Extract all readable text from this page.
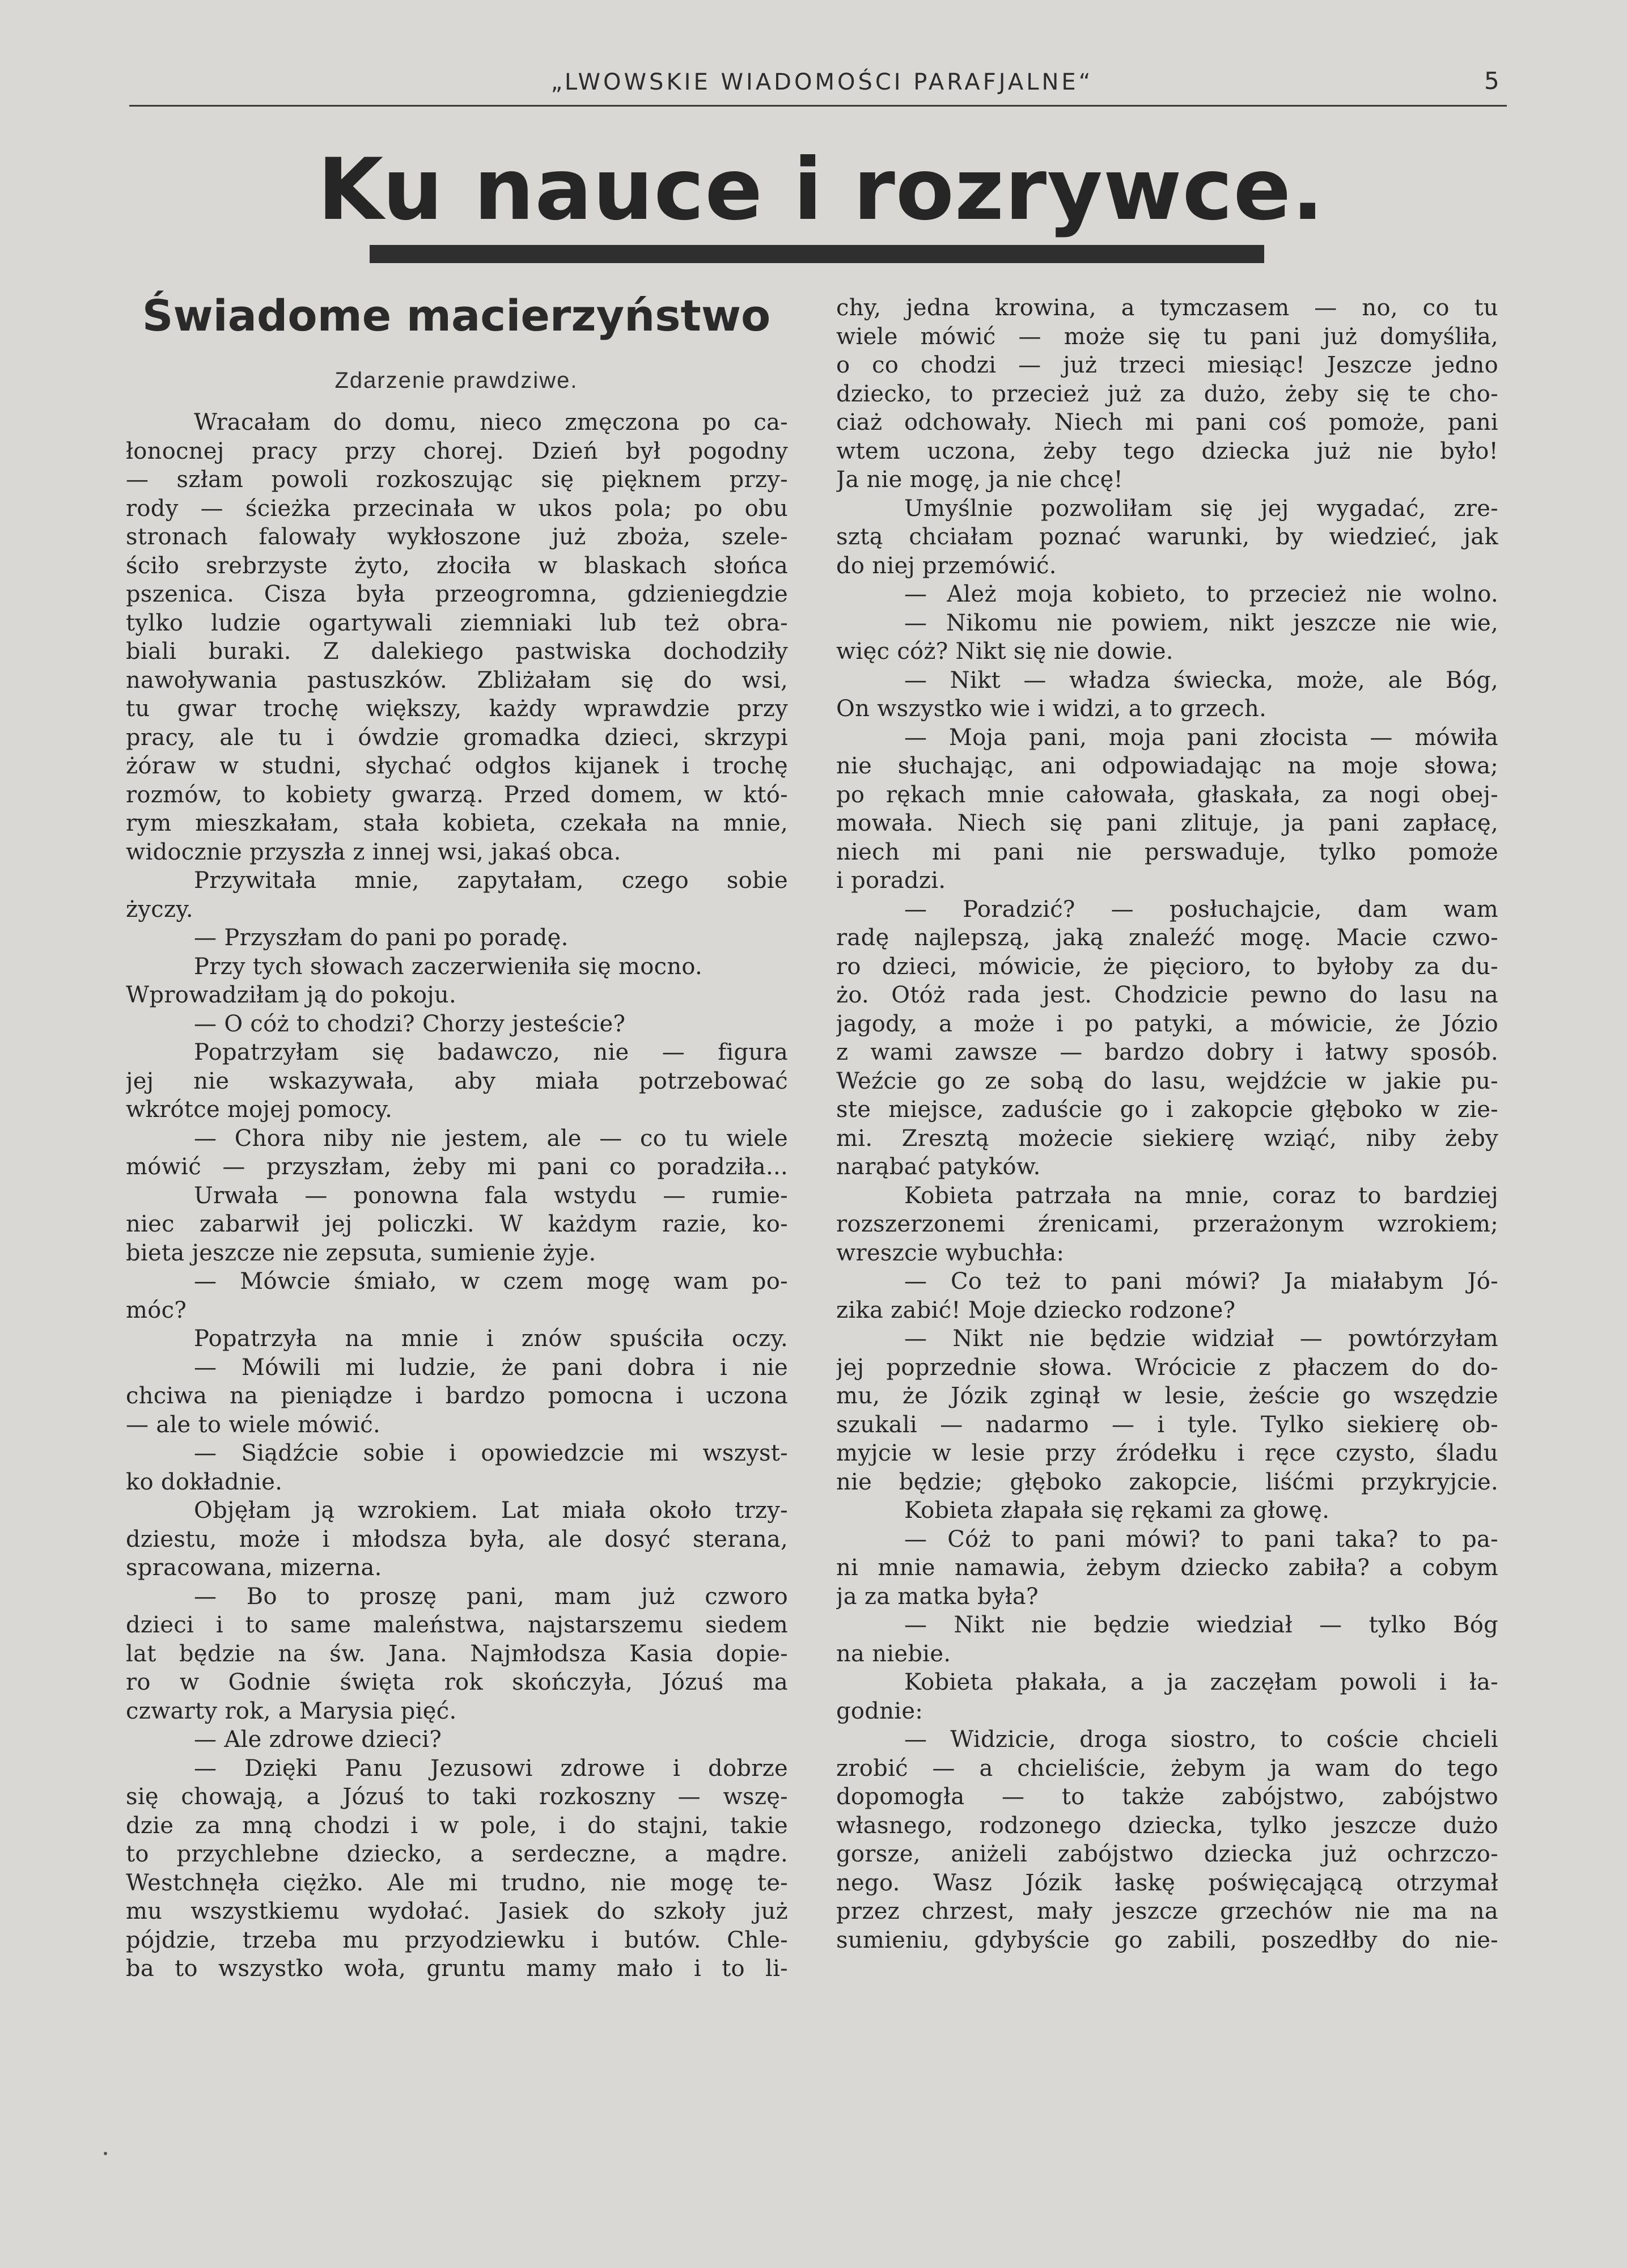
„LWOWSKIE WIADOMOŚCI PARAFJALNE“	5
Ku nauce i rozrywce.
Świadome macierzyństwo
Zdarzenie prawdziwe.
Wracałam do domu, nieco zmęczona po ca-
łonocnej pracy przy chorej. Dzień był pogodny
— szłam powoli rozkoszując się pięknem przy-
rody — ścieżka przecinała w ukos pola; po obu
stronach falowały wykłoszone już zboża, szele-
ściło srebrzyste żyto, złociła w blaskach słońca
pszenica. Cisza była przeogromna, gdzieniegdzie
tylko ludzie ogartywali ziemniaki lub też obra-
biali buraki. Z dalekiego pastwiska dochodziły
nawoływania pastuszków. Zbliżałam się do wsi,
tu gwar trochę większy, każdy wprawdzie przy
pracy, ale tu i ówdzie gromadka dzieci, skrzypi
żóraw w studni, słychać odgłos kijanek i trochę
rozmów, to kobiety gwarzą. Przed domem, w któ-
rym mieszkałam, stała kobieta, czekała na mnie,
widocznie przyszła z innej wsi, jakaś obca.
Przywitała mnie, zapytałam, czego sobie
życzy.
— Przyszłam do pani po poradę.
Przy tych słowach zaczerwieniła się mocno.
Wprowadziłam ją do pokoju.
— O cóż to chodzi? Chorzy jesteście?
Popatrzyłam się badawczo, nie — figura
jej nie wskazywała, aby miała potrzebować
wkrótce mojej pomocy.
— Chora niby nie jestem, ale — co tu wiele
mówić — przyszłam, żeby mi pani co poradziła...
Urwała — ponowna fala wstydu — rumie-
niec zabarwił jej policzki. W każdym razie, ko-
bieta jeszcze nie zepsuta, sumienie żyje.
— Mówcie śmiało, w czem mogę wam po-
móc?
Popatrzyła na mnie i znów spuściła oczy.
— Mówili mi ludzie, że pani dobra i nie
chciwa na pieniądze i bardzo pomocna i uczona
— ale to wiele mówić.
— Siądźcie sobie i opowiedzcie mi wszyst-
ko dokładnie.
Objęłam ją wzrokiem. Lat miała około trzy-
dziestu, może i młodsza była, ale dosyć sterana,
spracowana, mizerna.
— Bo to proszę pani, mam już czworo
dzieci i to same maleństwa, najstarszemu siedem
lat będzie na św. Jana. Najmłodsza Kasia dopie-
ro w Godnie święta rok skończyła, Józuś ma
czwarty rok, a Marysia pięć.
— Ale zdrowe dzieci?
— Dzięki Panu Jezusowi zdrowe i dobrze
się chowają, a Józuś to taki rozkoszny — wszę-
dzie za mną chodzi i w pole, i do stajni, takie
to przychlebne dziecko, a serdeczne, a mądre.
Westchnęła ciężko. Ale mi trudno, nie mogę te-
mu wszystkiemu wydołać. Jasiek do szkoły już
pójdzie, trzeba mu przyodziewku i butów. Chle-
ba to wszystko woła, gruntu mamy mało i to li-
chy, jedna krowina, a tymczasem — no, co tu
wiele mówić — może się tu pani już domyśliła,
o co chodzi — już trzeci miesiąc! Jeszcze jedno
dziecko, to przecież już za dużo, żeby się te cho-
ciaż odchowały. Niech mi pani coś pomoże, pani
wtem uczona, żeby tego dziecka już nie było!
Ja nie mogę, ja nie chcę!
Umyślnie pozwoliłam się jej wygadać, zre-
sztą chciałam poznać warunki, by wiedzieć, jak
do niej przemówić.
— Ależ moja kobieto, to przecież nie wolno.
— Nikomu nie powiem, nikt jeszcze nie wie,
więc cóż? Nikt się nie dowie.
— Nikt — władza świecka, może, ale Bóg,
On wszystko wie i widzi, a to grzech.
— Moja pani, moja pani złocista — mówiła
nie słuchając, ani odpowiadając na moje słowa;
po rękach mnie całowała, głaskała, za nogi obej-
mowała. Niech się pani zlituje, ja pani zapłacę,
niech mi pani nie perswaduje, tylko pomoże
i poradzi.
— Poradzić? — posłuchajcie, dam wam
radę najlepszą, jaką znaleźć mogę. Macie czwo-
ro dzieci, mówicie, że pięcioro, to byłoby za du-
żo. Otóż rada jest. Chodzicie pewno do lasu na
jagody, a może i po patyki, a mówicie, że Józio
z wami zawsze — bardzo dobry i łatwy sposób.
Weźcie go ze sobą do lasu, wejdźcie w jakie pu-
ste miejsce, zaduście go i zakopcie głęboko w zie-
mi. Zresztą możecie siekierę wziąć, niby żeby
narąbać patyków.
Kobieta patrzała na mnie, coraz to bardziej
rozszerzonemi źrenicami, przerażonym wzrokiem;
wreszcie wybuchła:
— Co też to pani mówi? Ja miałabym Jó-
zika zabić! Moje dziecko rodzone?
— Nikt nie będzie widział — powtórzyłam
jej poprzednie słowa. Wrócicie z płaczem do do-
mu, że Józik zginął w lesie, żeście go wszędzie
szukali — nadarmo — i tyle. Tylko siekierę ob-
myjcie w lesie przy źródełku i ręce czysto, śladu
nie będzie; głęboko zakopcie, liśćmi przykryjcie.
Kobieta złapała się rękami za głowę.
— Cóż to pani mówi? to pani taka? to pa-
ni mnie namawia, żebym dziecko zabiła? a cobym
ja za matka była?
— Nikt nie będzie wiedział — tylko Bóg
na niebie.
Kobieta płakała, a ja zaczęłam powoli i ła-
godnie:
— Widzicie, droga siostro, to coście chcieli
zrobić — a chcieliście, żebym ja wam do tego
dopomogła — to także zabójstwo, zabójstwo
własnego, rodzonego dziecka, tylko jeszcze dużo
gorsze, aniżeli zabójstwo dziecka już ochrzczo-
nego. Wasz Józik łaskę poświęcającą otrzymał
przez chrzest, mały jeszcze grzechów nie ma na
sumieniu, gdybyście go zabili, poszedłby do nie-
